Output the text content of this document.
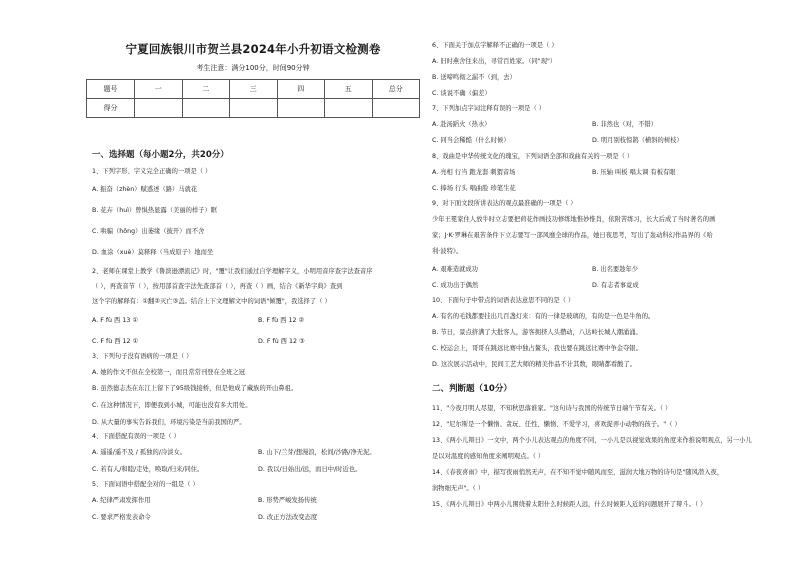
宁夏回族银川市贺兰县2024年小升初语文检测卷
考生注意：满分100分，时间90分钟
题号	一	二	三	四	五	总分
得分						
一、选择题（每小题2分，共20分）
1、下列字形、字义完全正确的一项是（ ）
A. 振奋（zhèn）赋惑述（路）马就花
B. 花卉（huì）曾惧热显露（美丽的样子）眶
C. 哄骗（hǒng）出萎缘（披开）而不舍
D. 血涂（xuè）莫释释（当成原子）地而坐
2、老师在课堂上教学《鲁滨逊漂流记》时，"覆"让我们通过自学理解字义，小明用音序查字法查音序
（ ），再查音节（ ），按用部首查字法先查部首（ ），再查（ ）画，结合《新华字典》查到
这个字的解释有：①翻②灭亡③盖。结合上下文理解文中的词语"倾覆"，我选择了（ ）
A. F fù 西 13 ①	B. F fù 西 12 ②
C. F fù 西 12 ①	D. F fù 西 12 ③
3、下列句子没有语病的一项是（ ）
A. 她的作文不但在全校第一，而且常常刊登在全班之冠
B. 虽然德志杰在东江上留下了95级钱接桥，但是他成了藏族的开山鼻祖。
C. 在这种情况下，即便我到小城，可能也没有多大用处。
D. 从大量的事实告诉我们，环境污染是当前我国的严。
4、下面搭配有误的一项是（ ）
A. 遥遥/遥不及 / 孤独的/冷淡女。	B. 山下/兰芽/想漫浪，松间/沙路/净无泥。
C. 若有人/和睦/走处，唤取/归来/同住。	D. 我以/日始出/远，而日中/时近也。
5、下面词语中搭配全对的一组是（ ）
A. 纪律严肃发挥作用	B. 形势严峻发扬传统
C. 要求严格发表命令	D. 改正方法改变态度
6、下面关于加点字解释不正确的一项是（ ）
A. 旧时燕舍往来出，寻常百姓家。（同"现"）
B. 送啼鸣彻之漏不（到，去）
C. 谈说不确（偏差）
7、下列加点字词注释有误的一项是（ ）
A. 赴汤蹈火（热水）	B. 非然也（对，不错）
C. 同当会稀酷（什么时候）	D. 明月别枝惊鹊（横斜的树枝）
8、戏曲是中华传统文化的瑰宝，下列词语全部和戏曲有关的一项是（ ）
A. 亮相 行当 跑龙套 刺猬音场	B. 压轴 叫板 唱太调 有板有眼
C. 捧场 行头 唱曲脸 珍笔生花
9、对下面文段所讲表达的观点最准确的一项是（ ）
少年王冕家住人放牛时立志要把荷花作画技功修练地惟妙惟肖，依附苦练习，长大后成了当时著名的画
家；J·K·罗琳在艰苦条件下立志要写一部风靡全球的作品，她日夜思考，写出了轰动科幻作品界的《哈
利·波特》。
A. 艰难造就成功	B. 出名要趁年少
C. 成功出于偶然	D. 有志者事竟成
10、下面句子中带点的词语表达意思不同的是（ ）
A. 有名的毛钱都要挂出几百盏灯来：有的一律是玻璃的，有的是一色是牛角的。
B. 节日，景点挤满了大批客人，游客拥挤人头攒动，八达岭长城人潮涌涌。
C. 校运会上，哥哥在跳远比赛中独占鳌头，我也要在跳远比赛中争金夺银。
D. 这次展示活动中，民间工艺大师的精美作品不计其数，眼睛都看酸了。
二、判断题（10分）
11、"今夜月明人尽望，不知秋思落谁家。"这句诗与我国的传统节日端午节有关。（ ）
12、"尼尔斯是一个懒惰、贪玩、任性、懒惰、不爱学习，喜欢捉弄小动物的孩子。"（ ）
13、《两小儿辩日》一文中，两个小儿表达观点的角度不同，一小儿是以视觉效果的角度来作推说明观点，另一小儿
是以对温度的感知角度来阐明观点。（ ）
14、《春夜喜雨》中，描写夜雨悄然无声，在不知不觉中随风而至，滋润大地万物的诗句是"随风潜入夜，
润物细无声"。（ ）
15、《两小儿辩日》中两小儿围绕着太阳什么时候距人远，什么时候距人近的问题展开了辩斗。（ ）
